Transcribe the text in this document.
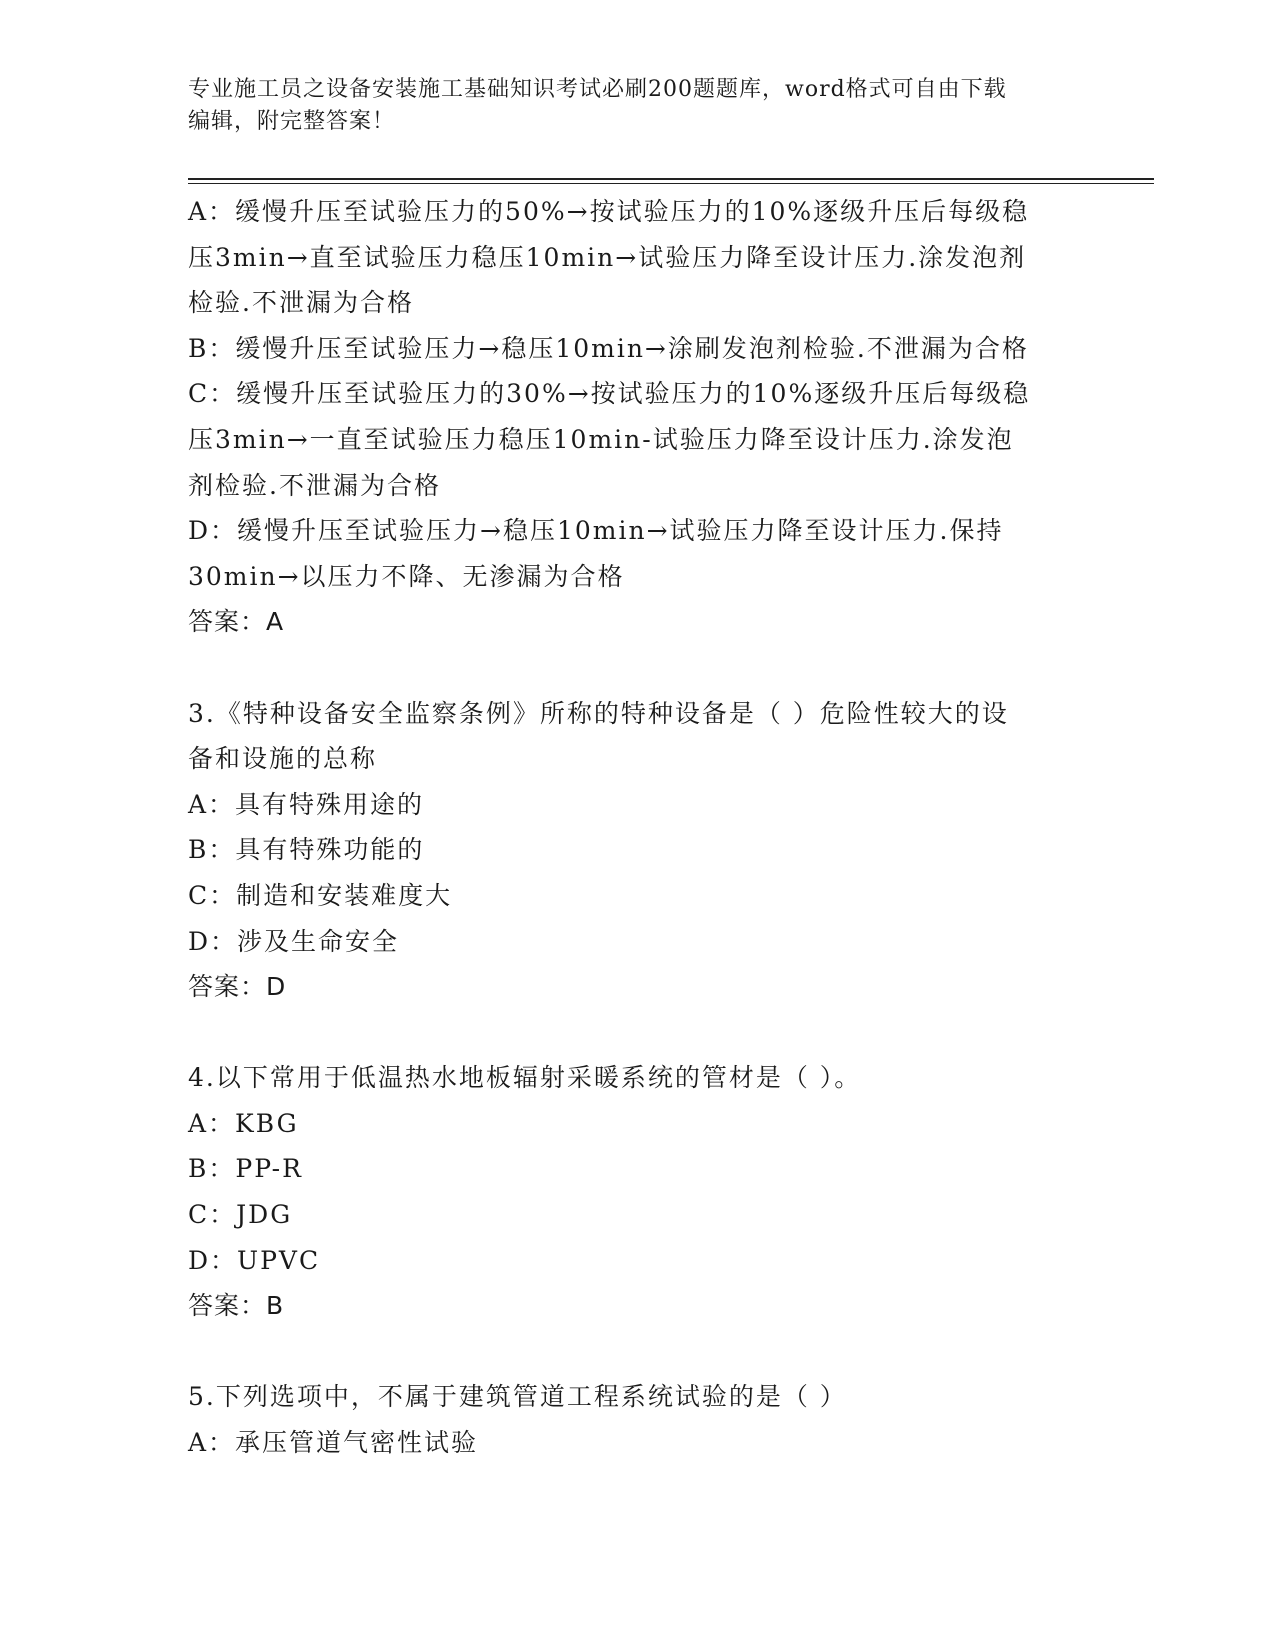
专业施工员之设备安装施工基础知识考试必刷200题题库，word格式可自由下载
编辑，附完整答案！
A：缓慢升压至试验压力的50%→按试验压力的10%逐级升压后每级稳
压3min→直至试验压力稳压10min→试验压力降至设计压力.涂发泡剂
检验.不泄漏为合格
B：缓慢升压至试验压力→稳压10min→涂刷发泡剂检验.不泄漏为合格
C：缓慢升压至试验压力的30%→按试验压力的10%逐级升压后每级稳
压3min→一直至试验压力稳压10min-试验压力降至设计压力.涂发泡
剂检验.不泄漏为合格
D：缓慢升压至试验压力→稳压10min→试验压力降至设计压力.保持
30min→以压力不降、无渗漏为合格
答案：A
3.《特种设备安全监察条例》所称的特种设备是（ ）危险性较大的设
备和设施的总称
A：具有特殊用途的
B：具有特殊功能的
C：制造和安装难度大
D：涉及生命安全
答案：D
4.以下常用于低温热水地板辐射采暖系统的管材是（ ）。
A：KBG
B：PP-R
C：JDG
D：UPVC
答案：B
5.下列选项中，不属于建筑管道工程系统试验的是（ ）
A：承压管道气密性试验
